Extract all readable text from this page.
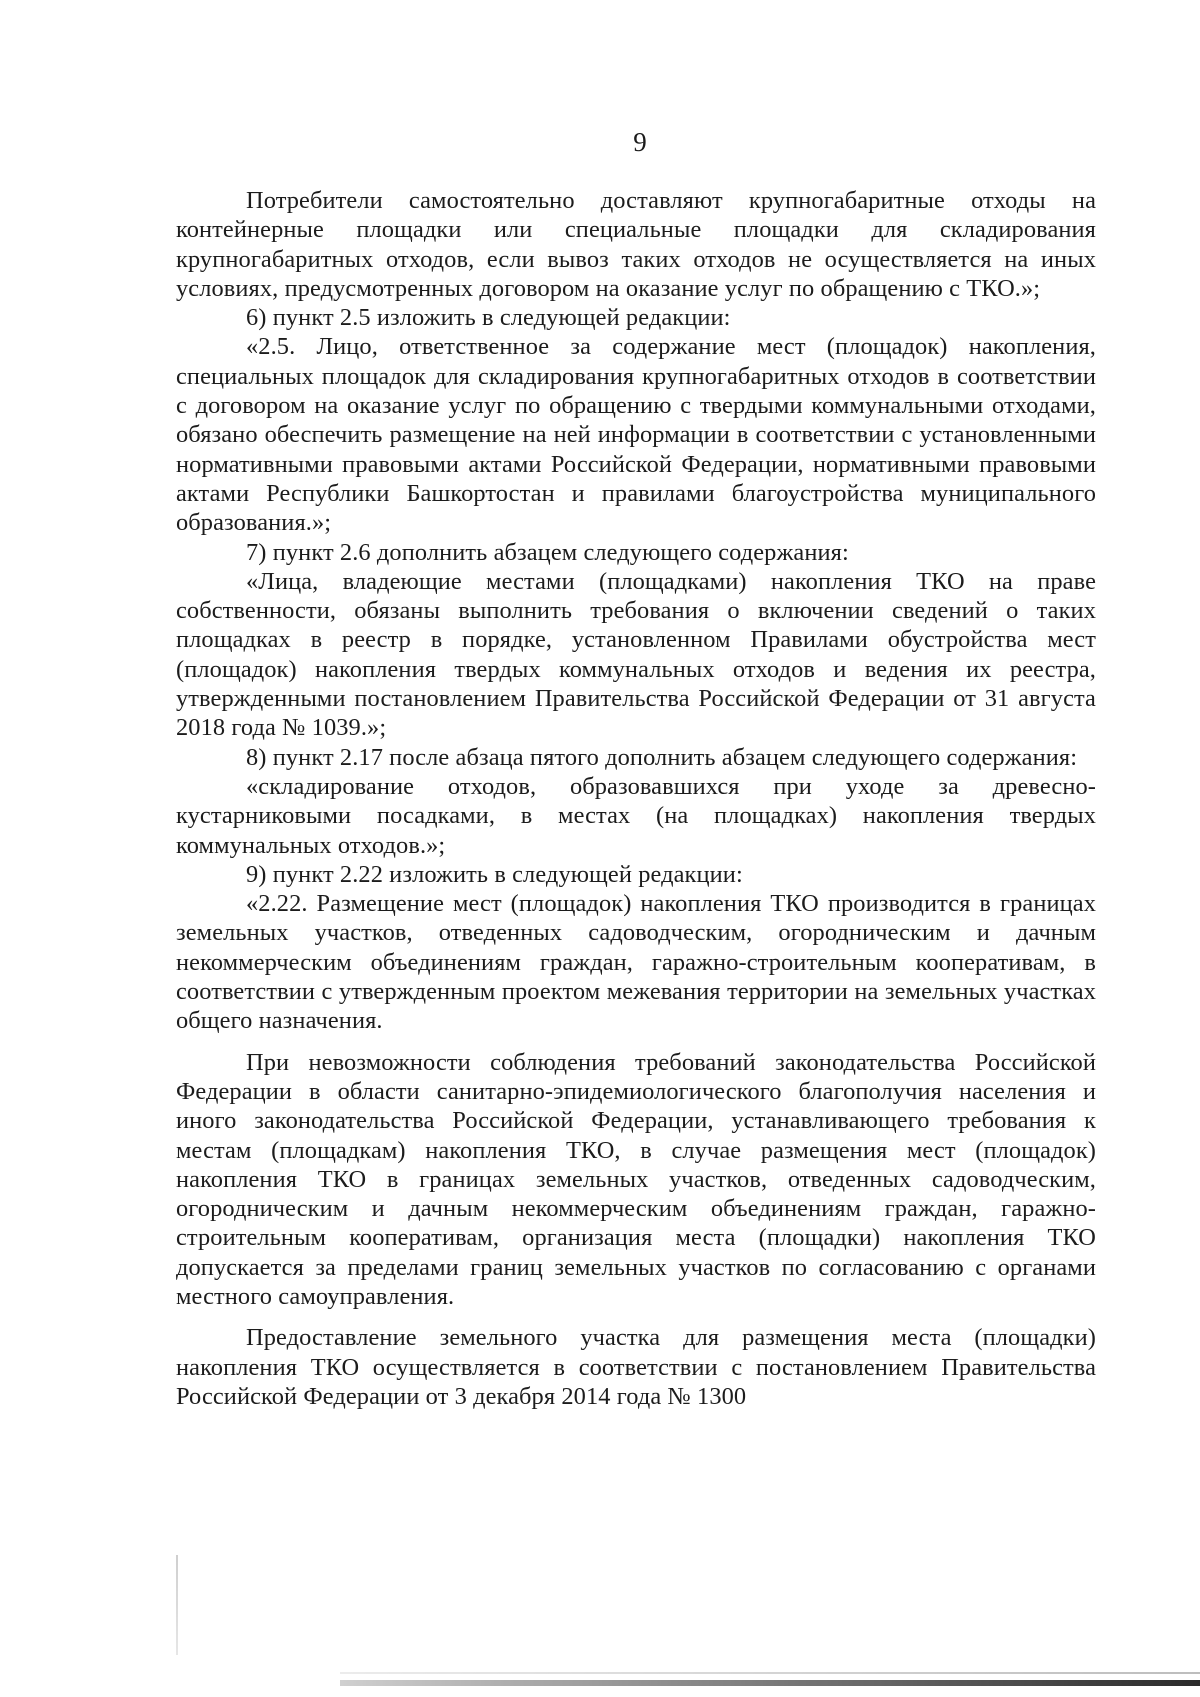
9

Потребители самостоятельно доставляют крупногабаритные отходы на контейнерные площадки или специальные площадки для складирования крупногабаритных отходов, если вывоз таких отходов не осуществляется на иных условиях, предусмотренных договором на оказание услуг по обращению с ТКО.»;

6) пункт 2.5 изложить в следующей редакции:

«2.5. Лицо, ответственное за содержание мест (площадок) накопления, специальных площадок для складирования крупногабаритных отходов в соответствии с договором на оказание услуг по обращению с твердыми коммунальными отходами, обязано обеспечить размещение на ней информации в соответствии с установленными нормативными правовыми актами Российской Федерации, нормативными правовыми актами Республики Башкортостан и правилами благоустройства муниципального образования.»;

7) пункт 2.6 дополнить абзацем следующего содержания:

«Лица, владеющие местами (площадками) накопления ТКО на праве собственности, обязаны выполнить требования о включении сведений о таких площадках в реестр в порядке, установленном Правилами обустройства мест (площадок) накопления твердых коммунальных отходов и ведения их реестра, утвержденными постановлением Правительства Российской Федерации от 31 августа 2018 года № 1039.»;

8) пункт 2.17 после абзаца пятого дополнить абзацем следующего содержания:

«складирование отходов, образовавшихся при уходе за древесно-кустарниковыми посадками, в местах (на площадках) накопления твердых коммунальных отходов.»;

9) пункт 2.22 изложить в следующей редакции:

«2.22. Размещение мест (площадок) накопления ТКО производится в границах земельных участков, отведенных садоводческим, огородническим и дачным некоммерческим объединениям граждан, гаражно-строительным кооперативам, в соответствии с утвержденным проектом межевания территории на земельных участках общего назначения.

При невозможности соблюдения требований законодательства Российской Федерации в области санитарно-эпидемиологического благополучия населения и иного законодательства Российской Федерации, устанавливающего требования к местам (площадкам) накопления ТКО, в случае размещения мест (площадок) накопления ТКО в границах земельных участков, отведенных садоводческим, огородническим и дачным некоммерческим объединениям граждан, гаражно-строительным кооперативам, организация места (площадки) накопления ТКО допускается за пределами границ земельных участков по согласованию с органами местного самоуправления.

Предоставление земельного участка для размещения места (площадки) накопления ТКО осуществляется в соответствии с постановлением Правительства Российской Федерации от 3 декабря 2014 года № 1300
